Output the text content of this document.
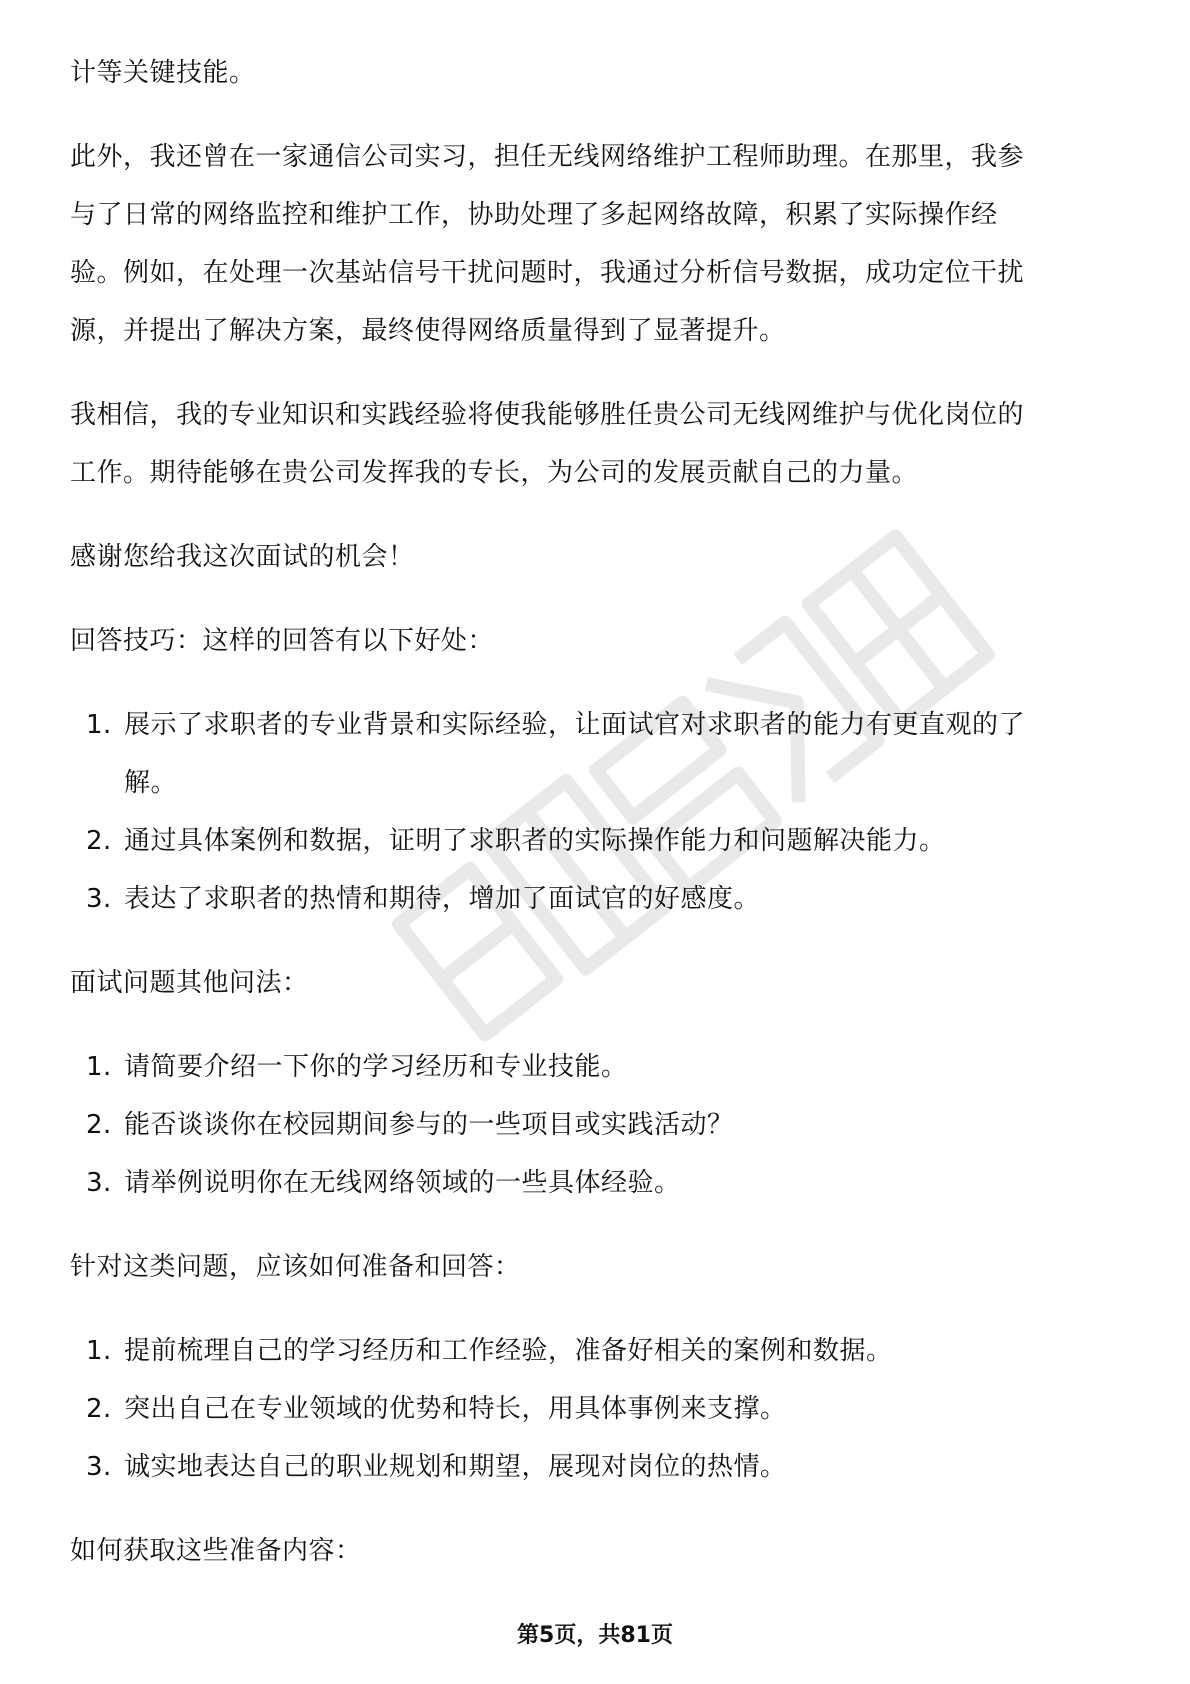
计等关键技能。

此外，我还曾在一家通信公司实习，担任无线网络维护工程师助理。在那里，我参

与了日常的网络监控和维护工作，协助处理了多起网络故障，积累了实际操作经

验。例如，在处理一次基站信号干扰问题时，我通过分析信号数据，成功定位干扰

源，并提出了解决方案，最终使得网络质量得到了显著提升。

我相信，我的专业知识和实践经验将使我能够胜任贵公司无线网维护与优化岗位的

工作。期待能够在贵公司发挥我的专长，为公司的发展贡献自己的力量。

感谢您给我这次面试的机会！

回答技巧：这样的回答有以下好处：

1. 展示了求职者的专业背景和实际经验，让面试官对求职者的能力有更直观的了
解。
2. 通过具体案例和数据，证明了求职者的实际操作能力和问题解决能力。
3. 表达了求职者的热情和期待，增加了面试官的好感度。

面试问题其他问法：

1. 请简要介绍一下你的学习经历和专业技能。
2. 能否谈谈你在校园期间参与的一些项目或实践活动？
3. 请举例说明你在无线网络领域的一些具体经验。

针对这类问题，应该如何准备和回答：

1. 提前梳理自己的学习经历和工作经验，准备好相关的案例和数据。
2. 突出自己在专业领域的优势和特长，用具体事例来支撑。
3. 诚实地表达自己的职业规划和期望，展现对岗位的热情。

如何获取这些准备内容：

第5页，共81页
